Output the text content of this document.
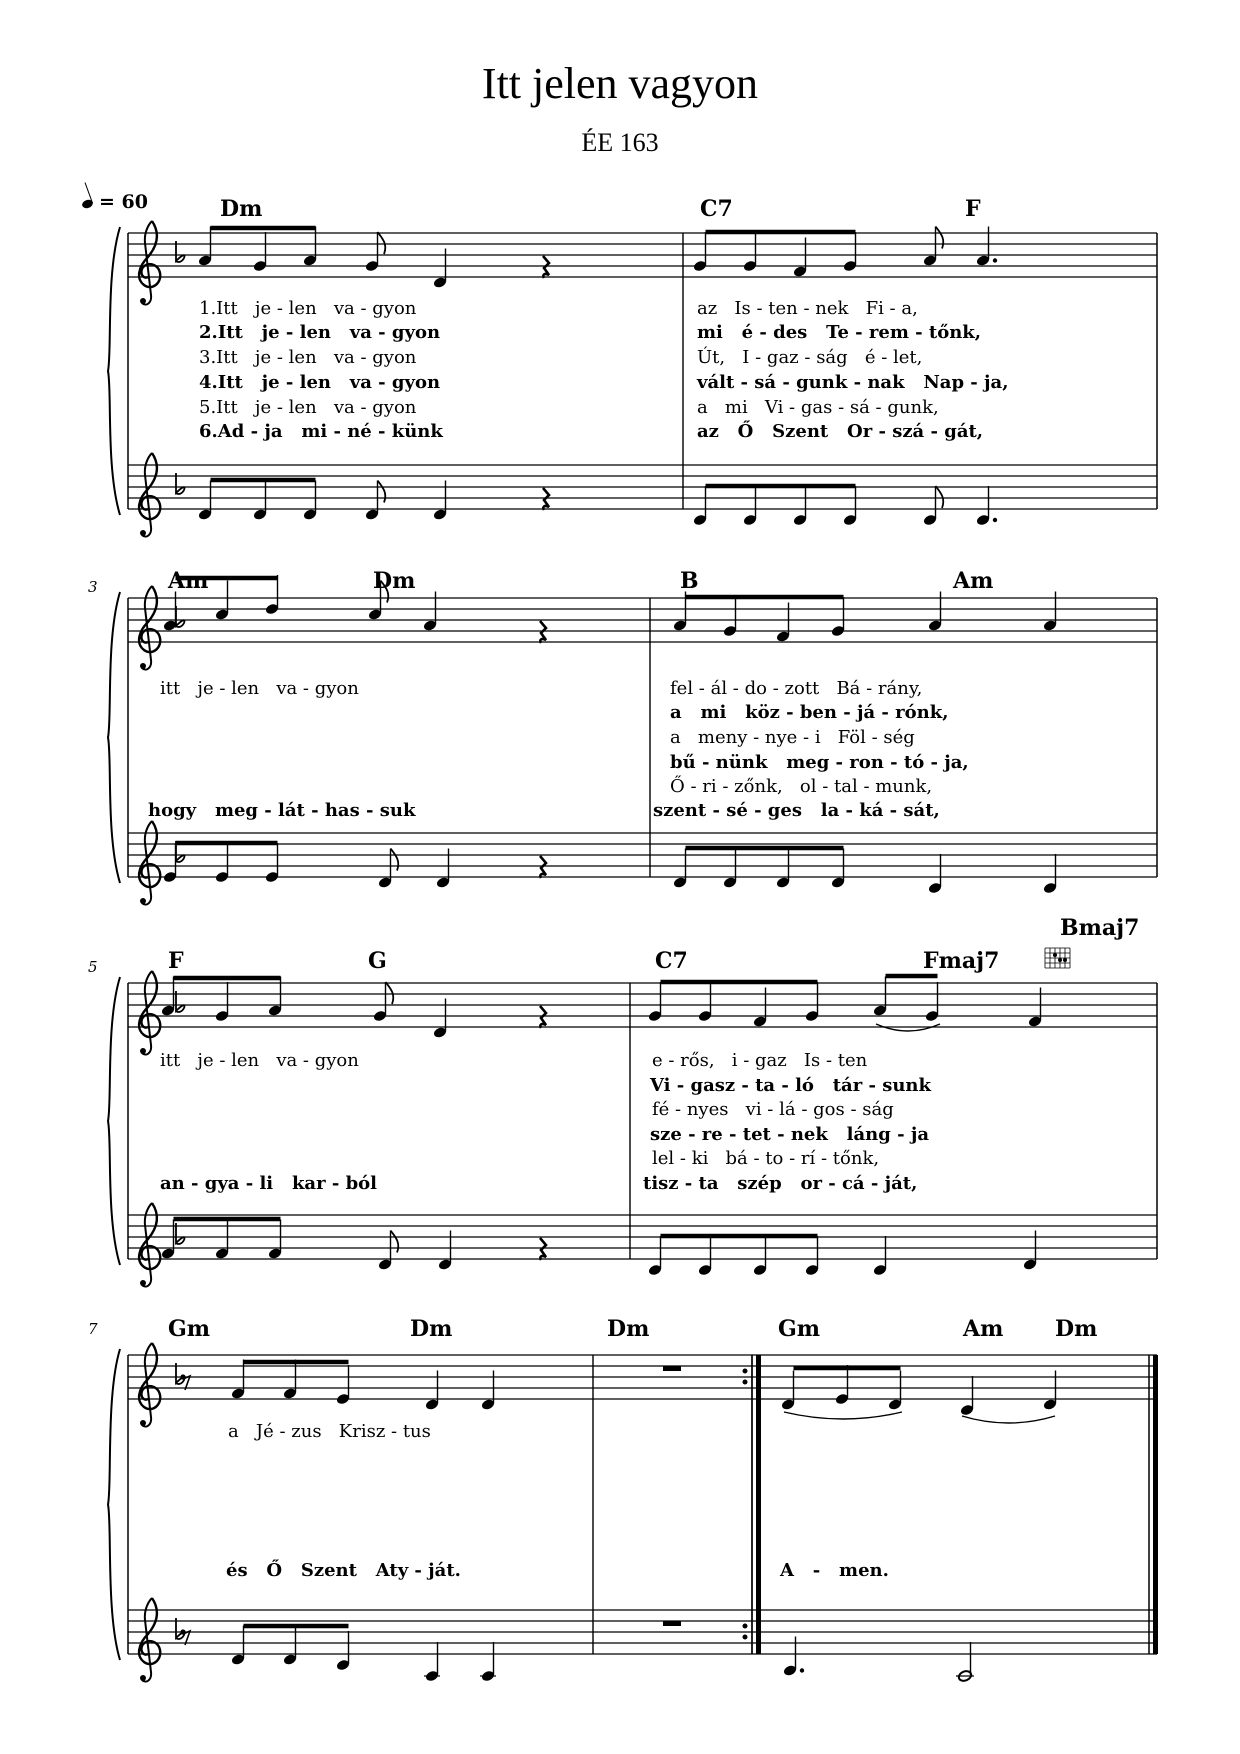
Itt jelen vagyon
ÉE 163
= 60	Dm	C7	F
1.Itt   je - len   va - gyon
2.Itt   je - len   va - gyon
3.Itt   je - len   va - gyon
4.Itt   je - len   va - gyon
5.Itt   je - len   va - gyon
6.Ad - ja   mi - né - künk
az   Is - ten - nek   Fi - a,
mi   é - des   Te - rem - tőnk,
Út,   I - gaz - ság   é - let,
vált - sá - gunk - nak   Nap - ja,
a   mi   Vi - gas - sá - gunk,
az   Ő   Szent   Or - szá - gát,
3	Am	Dm	B	Am
itt   je - len   va - gyon
hogy   meg - lát - has - suk
fel - ál - do - zott   Bá - rány,
a   mi   köz - ben - já - rónk,
a   meny - nye - i   Föl - ség
bű - nünk   meg - ron - tó - ja,
Ő - ri - zőnk,   ol - tal - munk,
szent - sé - ges   la - ká - sát,
5	F	G	C7	Fmaj7
Bmaj7
itt   je - len   va - gyon
an - gya - li   kar - ból
e - rős,   i - gaz   Is - ten
Vi - gasz - ta - ló   tár - sunk
fé - nyes   vi - lá - gos - ság
sze - re - tet - nek   láng - ja
lel - ki   bá - to - rí - tőnk,
tisz - ta   szép   or - cá - ját,
7	Gm	Dm	Dm	Gm	Am Dm
a   Jé - zus   Krisz - tus
és   Ő   Szent   Aty - ját.	A   -   men.
